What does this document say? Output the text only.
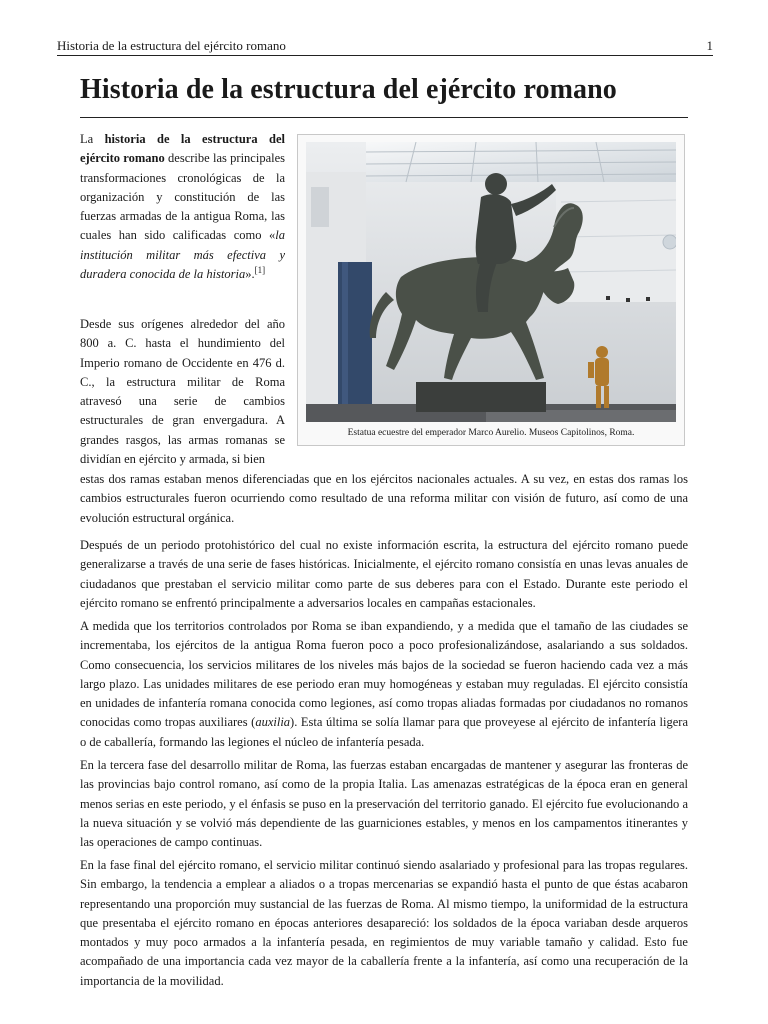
Historia de la estructura del ejército romano	1
Historia de la estructura del ejército romano

La historia de la estructura del ejército romano describe las principales transformaciones cronológicas de la organización y constitución de las fuerzas armadas de la antigua Roma, las cuales han sido calificadas como «la institución militar más efectiva y duradera conocida de la historia».[1]

Desde sus orígenes alrededor del año 800 a. C. hasta el hundimiento del Imperio romano de Occidente en 476 d. C., la estructura militar de Roma atravesó una serie de cambios estructurales de gran envergadura. A grandes rasgos, las armas romanas se dividían en ejército y armada, si bien

Estatua ecuestre del emperador Marco Aurelio. Museos Capitolinos, Roma.

estas dos ramas estaban menos diferenciadas que en los ejércitos nacionales actuales. A su vez, en estas dos ramas los cambios estructurales fueron ocurriendo como resultado de una reforma militar con visión de futuro, así como de una evolución estructural orgánica.

Después de un periodo protohistórico del cual no existe información escrita, la estructura del ejército romano puede generalizarse a través de una serie de fases históricas. Inicialmente, el ejército romano consistía en unas levas anuales de ciudadanos que prestaban el servicio militar como parte de sus deberes para con el Estado. Durante este periodo el ejército romano se enfrentó principalmente a adversarios locales en campañas estacionales.

A medida que los territorios controlados por Roma se iban expandiendo, y a medida que el tamaño de las ciudades se incrementaba, los ejércitos de la antigua Roma fueron poco a poco profesionalizándose, asalariando a sus soldados. Como consecuencia, los servicios militares de los niveles más bajos de la sociedad se fueron haciendo cada vez a más largo plazo. Las unidades militares de ese periodo eran muy homogéneas y estaban muy reguladas. El ejército consistía en unidades de infantería romana conocida como legiones, así como tropas aliadas formadas por ciudadanos no romanos conocidas como tropas auxiliares (auxilia). Esta última se solía llamar para que proveyese al ejército de infantería ligera o de caballería, formando las legiones el núcleo de infantería pesada.

En la tercera fase del desarrollo militar de Roma, las fuerzas estaban encargadas de mantener y asegurar las fronteras de las provincias bajo control romano, así como de la propia Italia. Las amenazas estratégicas de la época eran en general menos serias en este periodo, y el énfasis se puso en la preservación del territorio ganado. El ejército fue evolucionando a la nueva situación y se volvió más dependiente de las guarniciones estables, y menos en los campamentos itinerantes y las operaciones de campo continuas.

En la fase final del ejército romano, el servicio militar continuó siendo asalariado y profesional para las tropas regulares. Sin embargo, la tendencia a emplear a aliados o a tropas mercenarias se expandió hasta el punto de que éstas acabaron representando una proporción muy sustancial de las fuerzas de Roma. Al mismo tiempo, la uniformidad de la estructura que presentaba el ejército romano en épocas anteriores desapareció: los soldados de la época variaban desde arqueros montados y muy poco armados a la infantería pesada, en regimientos de muy variable tamaño y calidad. Esto fue acompañado de una importancia cada vez mayor de la caballería frente a la infantería, así como una recuperación de la importancia de la movilidad.
